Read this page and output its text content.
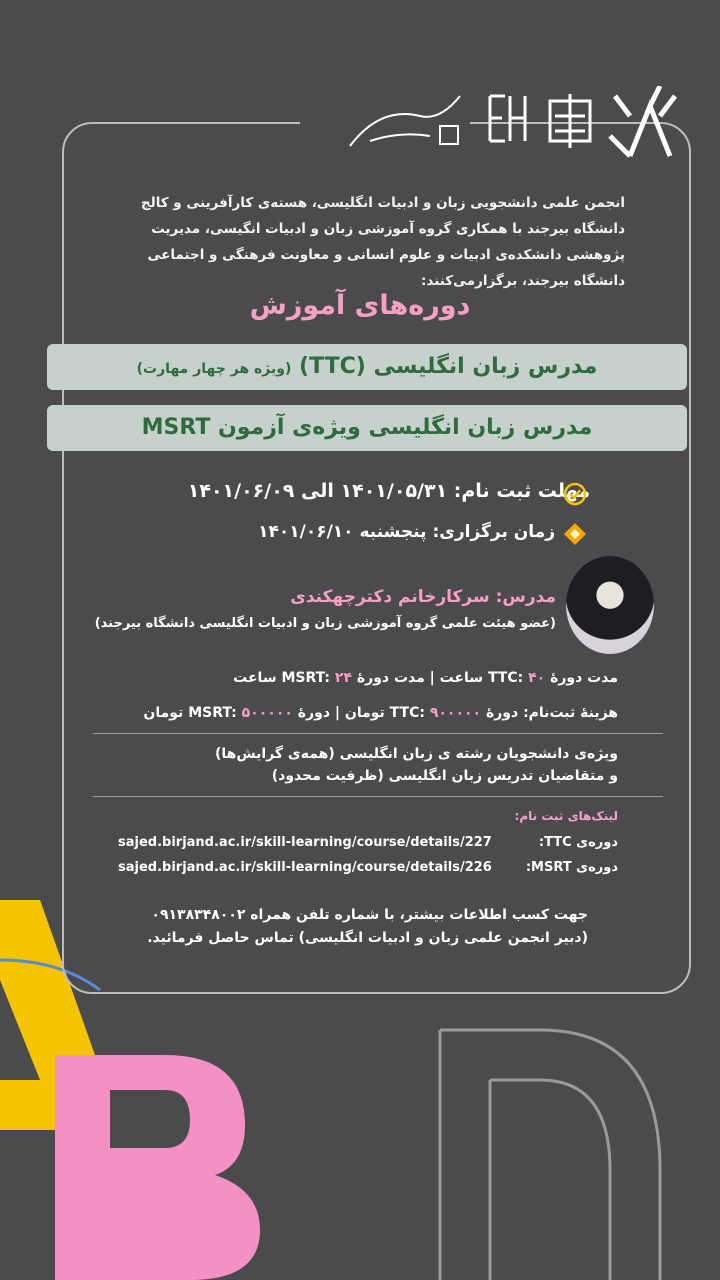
انجمن علمی دانشجویی زبان و ادبیات انگلیسی، هسته‌ی کارآفرینی و کالج دانشگاه بیرجند با همکاری گروه آموزشی زبان و ادبیات انگیسی، مدیریت پژوهشی دانشکده‌ی ادبیات و علوم انسانی و معاونت فرهنگی و اجتماعی دانشگاه بیرجند، برگزارمی‌کنند:
دوره‌های آموزش
مدرس زبان انگلیسی (TTC) (ویژه هر چهار مهارت)
مدرس زبان انگلیسی ویژه‌ی آزمون MSRT
مهلت ثبت نام: ۱۴۰۱/۰۵/۳۱ الی ۱۴۰۱/۰۶/۰۹
زمان برگزاری: پنجشنبه ۱۴۰۱/۰۶/۱۰
مدرس: سرکارخانم دکترچهکندی
(عضو هیئت علمی گروه آموزشی زبان و ادبیات انگلیسی دانشگاه بیرجند)
مدت دورهٔ TTC: ۴۰ ساعت | مدت دورهٔ MSRT: ۲۴ ساعت
هزینهٔ ثبت‌نام: دورهٔ TTC: ۹۰۰۰۰۰ تومان | دورهٔ MSRT: ۵۰۰۰۰۰ تومان
ویژه‌ی دانشجویان رشته ی زبان انگلیسی (همه‌ی گرایش‌ها)
و متقاضیان تدریس زبان انگلیسی (ظرفیت محدود)
لینک‌های ثبت نام:
sajed.birjand.ac.ir/skill-learning/course/details/227	دوره‌ی TTC:
sajed.birjand.ac.ir/skill-learning/course/details/226	دوره‌ی MSRT:
جهت کسب اطلاعات بیشتر، با شماره تلفن همراه ۰۹۱۳۸۳۴۸۰۰۲
(دبیر انجمن علمی زبان و ادبیات انگلیسی) تماس حاصل فرمائید.
